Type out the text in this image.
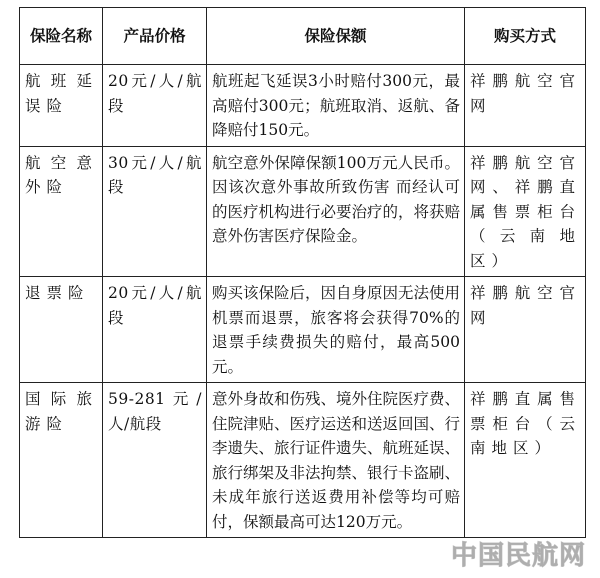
保险名称	产品价格	保险保额	购买方式
航班延误险	20元/人/航段	航班起飞延误3小时赔付300元，最高赔付300元；航班取消、返航、备降赔付150元。	祥鹏航空官网
航空意外险	30元/人/航段	航空意外保障保额100万元人民币。因该次意外事故所致伤害 而经认可的医疗机构进行必要治疗的，将获赔意外伤害医疗保险金。	祥鹏航空官网、祥鹏直属售票柜台（云南地区）
退票险	20元/人/航段	购买该保险后，因自身原因无法使用机票而退票，旅客将会获得70%的退票手续费损失的赔付，最高500元。	祥鹏航空官网
国际旅游险	59-281元/人/航段	意外身故和伤残、境外住院医疗费、住院津贴、医疗运送和送返回国、行李遗失、旅行证件遗失、航班延误、旅行绑架及非法拘禁、银行卡盗刷、未成年旅行送返费用补偿等均可赔付，保额最高可达120万元。	祥鹏直属售票柜台（云南地区）
中国民航网
